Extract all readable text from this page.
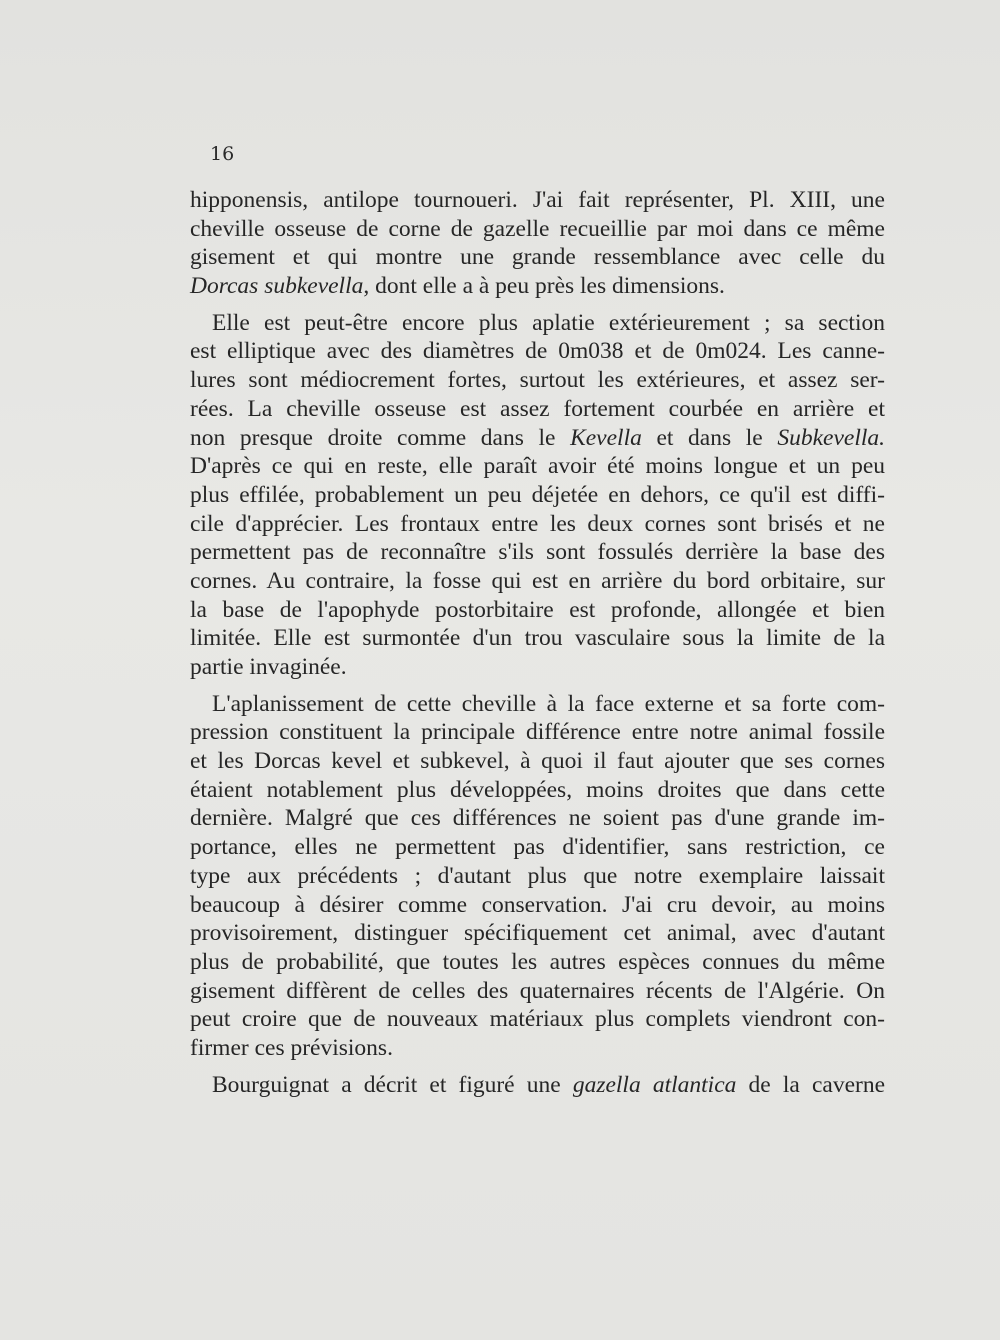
16

hipponensis, antilope tournoueri. J'ai fait représenter, Pl. XIII, une
cheville osseuse de corne de gazelle recueillie par moi dans ce même
gisement et qui montre une grande ressemblance avec celle du
Dorcas subkevella, dont elle a à peu près les dimensions.
Elle est peut-être encore plus aplatie extérieurement ; sa section
est elliptique avec des diamètres de 0m038 et de 0m024. Les canne-
lures sont médiocrement fortes, surtout les extérieures, et assez ser-
rées. La cheville osseuse est assez fortement courbée en arrière et
non presque droite comme dans le Kevella et dans le Subkevella.
D'après ce qui en reste, elle paraît avoir été moins longue et un peu
plus effilée, probablement un peu déjetée en dehors, ce qu'il est diffi-
cile d'apprécier. Les frontaux entre les deux cornes sont brisés et ne
permettent pas de reconnaître s'ils sont fossulés derrière la base des
cornes. Au contraire, la fosse qui est en arrière du bord orbitaire, sur
la base de l'apophyde postorbitaire est profonde, allongée et bien
limitée. Elle est surmontée d'un trou vasculaire sous la limite de la
partie invaginée.
L'aplanissement de cette cheville à la face externe et sa forte com-
pression constituent la principale différence entre notre animal fossile
et les Dorcas kevel et subkevel, à quoi il faut ajouter que ses cornes
étaient notablement plus développées, moins droites que dans cette
dernière. Malgré que ces différences ne soient pas d'une grande im-
portance, elles ne permettent pas d'identifier, sans restriction, ce
type aux précédents ; d'autant plus que notre exemplaire laissait
beaucoup à désirer comme conservation. J'ai cru devoir, au moins
provisoirement, distinguer spécifiquement cet animal, avec d'autant
plus de probabilité, que toutes les autres espèces connues du même
gisement diffèrent de celles des quaternaires récents de l'Algérie. On
peut croire que de nouveaux matériaux plus complets viendront con-
firmer ces prévisions.
Bourguignat a décrit et figuré une gazella atlantica de la caverne
